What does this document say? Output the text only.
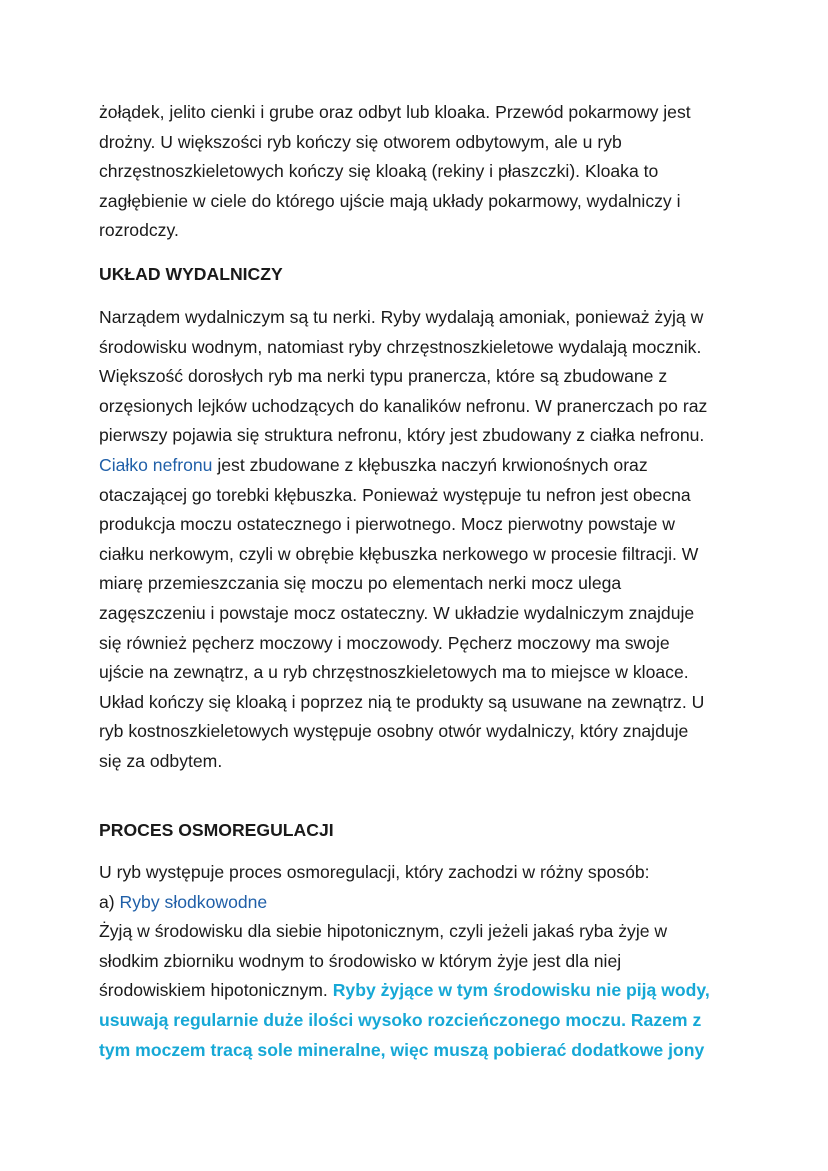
żołądek, jelito cienki i grube oraz odbyt lub kloaka. Przewód pokarmowy jest
drożny. U większości ryb kończy się otworem odbytowym, ale u ryb
chrzęstnoszkieletowych kończy się kloaką (rekiny i płaszczki). Kloaka to
zagłębienie w ciele do którego ujście mają układy pokarmowy, wydalniczy i
rozrodczy.
UKŁAD WYDALNICZY
Narządem wydalniczym są tu nerki. Ryby wydalają amoniak, ponieważ żyją w
środowisku wodnym, natomiast ryby chrzęstnoszkieletowe wydalają mocznik.
Większość dorosłych ryb ma nerki typu pranercza, które są zbudowane z
orzęsionych lejków uchodzących do kanalików nefronu. W pranerczach po raz
pierwszy pojawia się struktura nefronu, który jest zbudowany z ciałka nefronu.
Ciałko nefronu jest zbudowane z kłębuszka naczyń krwionośnych oraz
otaczającej go torebki kłębuszka. Ponieważ występuje tu nefron jest obecna
produkcja moczu ostatecznego i pierwotnego. Mocz pierwotny powstaje w
ciałku nerkowym, czyli w obrębie kłębuszka nerkowego w procesie filtracji. W
miarę przemieszczania się moczu po elementach nerki mocz ulega
zagęszczeniu i powstaje mocz ostateczny. W układzie wydalniczym znajduje
się również pęcherz moczowy i moczowody. Pęcherz moczowy ma swoje
ujście na zewnątrz, a u ryb chrzęstnoszkieletowych ma to miejsce w kloace.
Układ kończy się kloaką i poprzez nią te produkty są usuwane na zewnątrz. U
ryb kostnoszkieletowych występuje osobny otwór wydalniczy, który znajduje
się za odbytem.
PROCES OSMOREGULACJI
U ryb występuje proces osmoregulacji, który zachodzi w różny sposób:
a) Ryby słodkowodne
Żyją w środowisku dla siebie hipotonicznym, czyli jeżeli jakaś ryba żyje w
słodkim zbiorniku wodnym to środowisko w którym żyje jest dla niej
środowiskiem hipotonicznym. Ryby żyjące w tym środowisku nie piją wody,
usuwają regularnie duże ilości wysoko rozcieńczonego moczu. Razem z
tym moczem tracą sole mineralne, więc muszą pobierać dodatkowe jony
